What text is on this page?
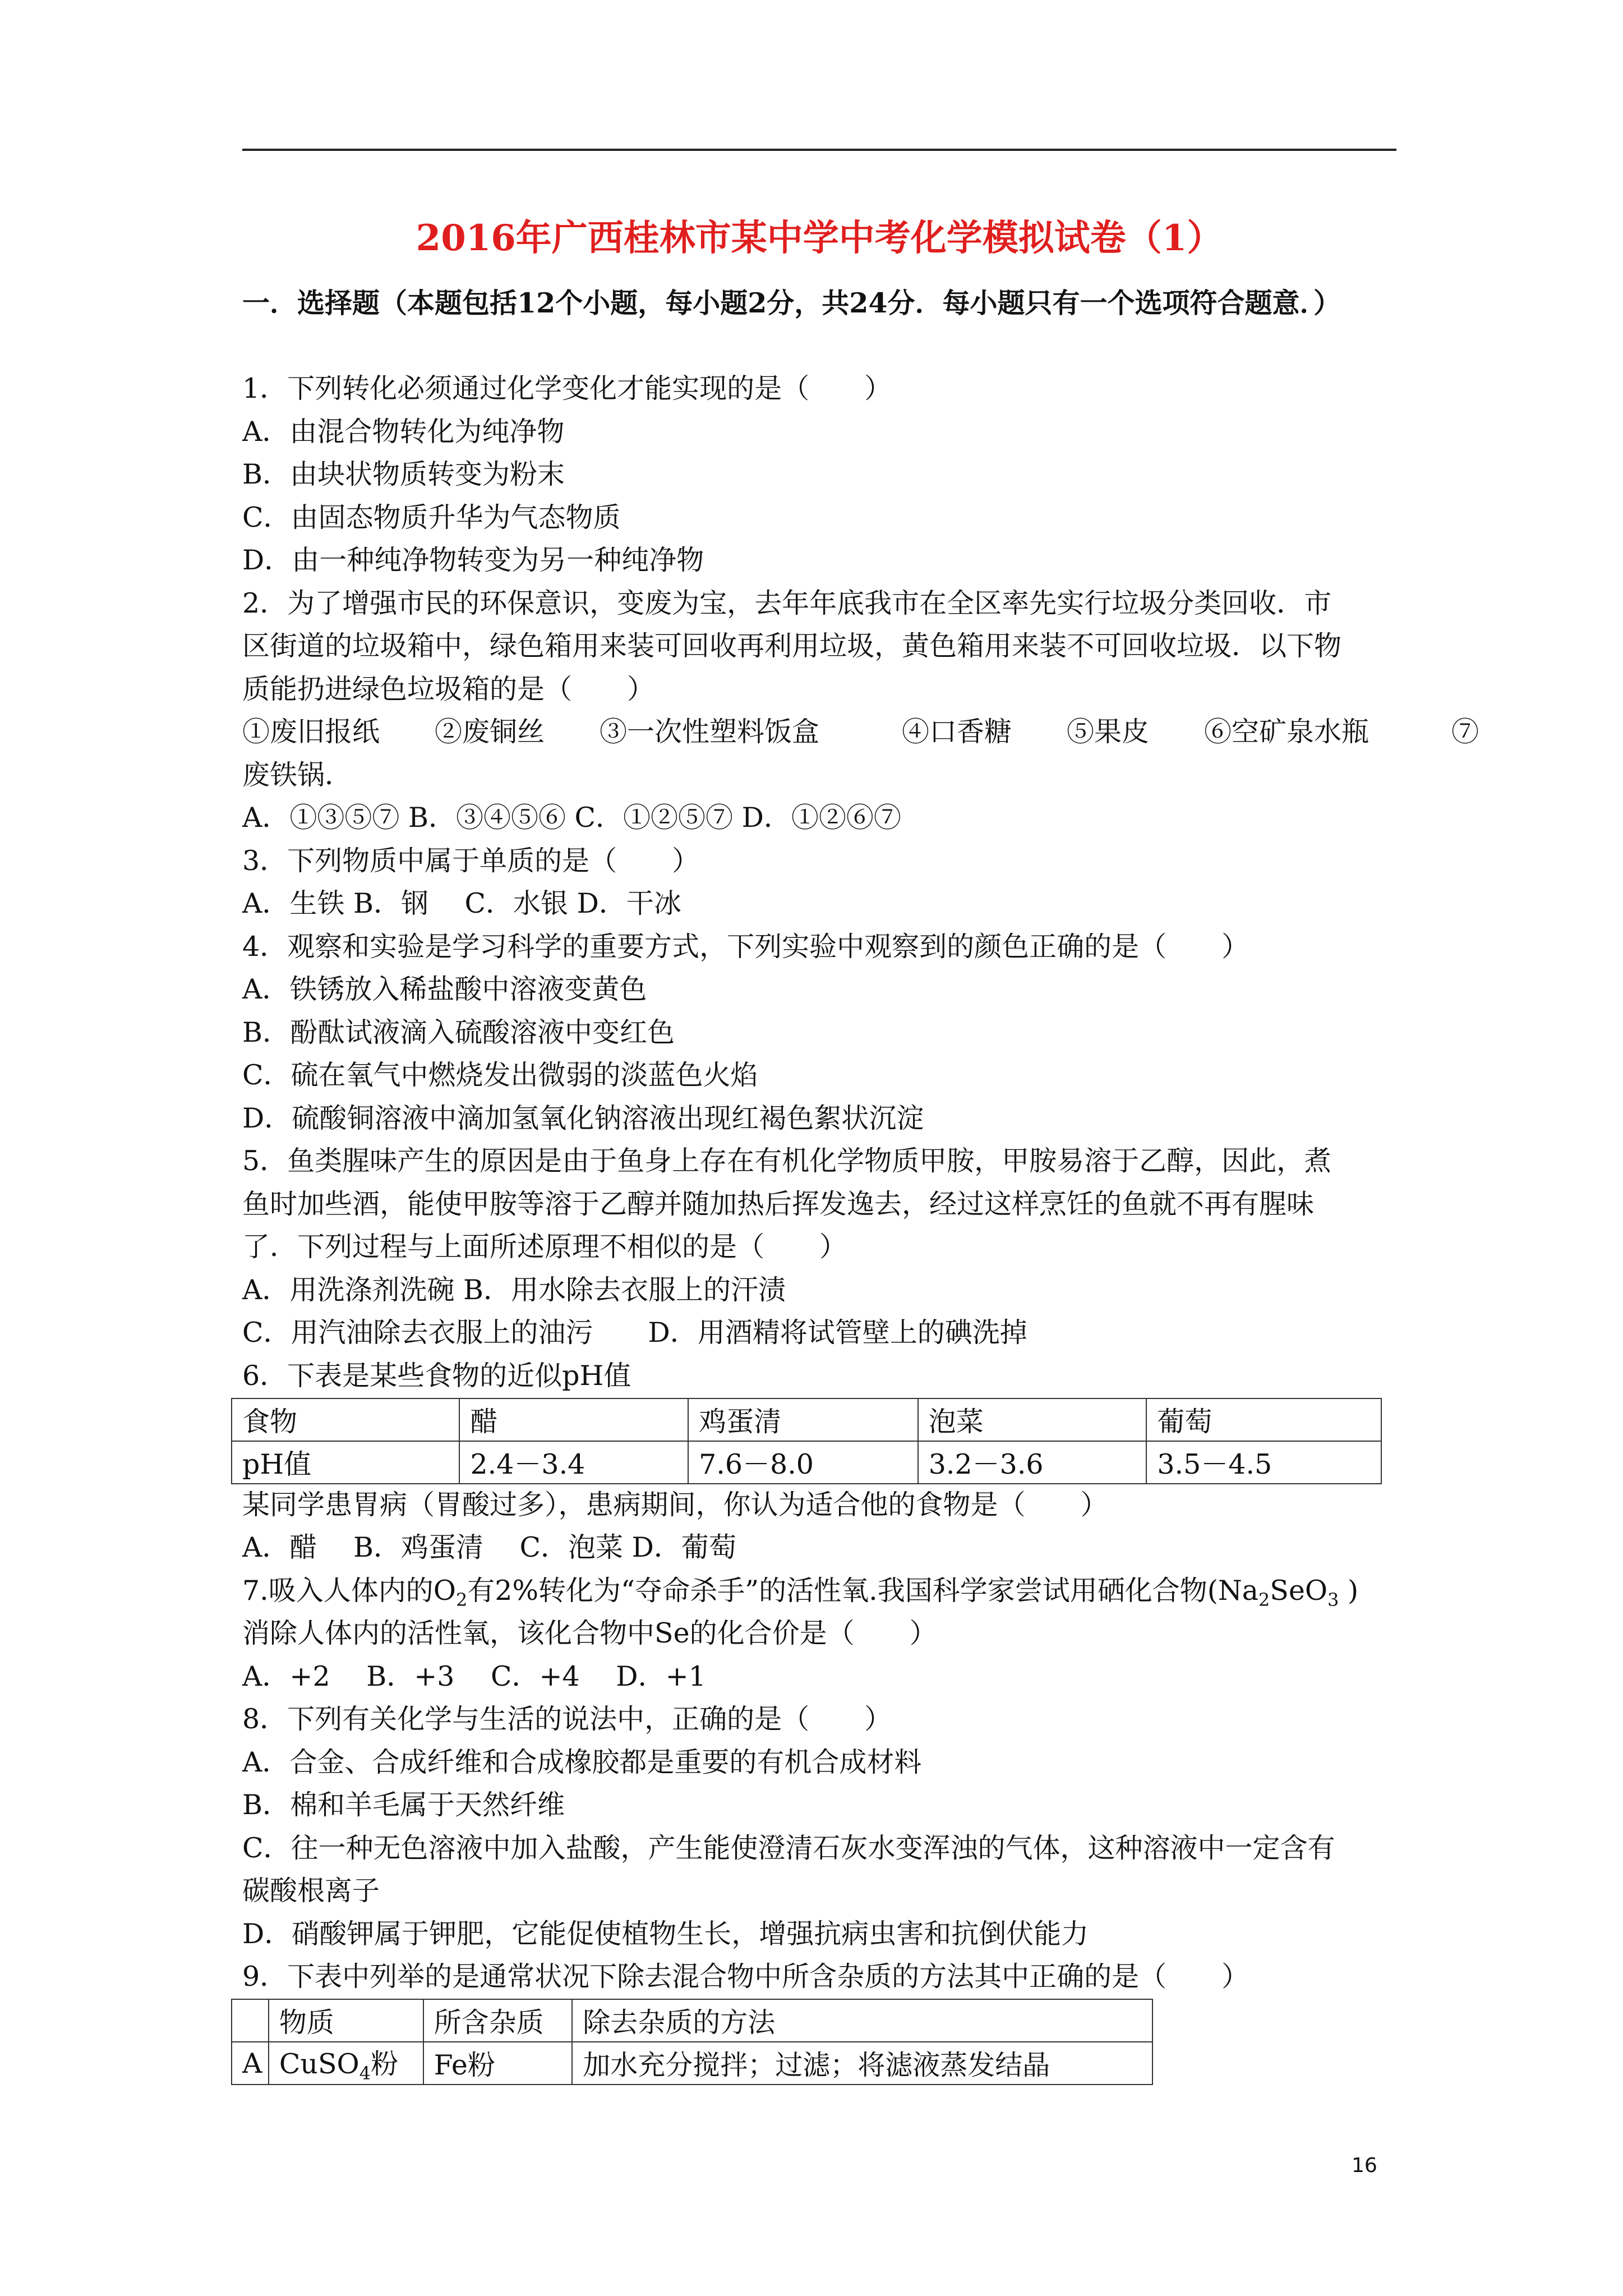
2016年广西桂林市某中学中考化学模拟试卷（1）
一．选择题（本题包括12个小题，每小题2分，共24分．每小题只有一个选项符合题意．）
1．下列转化必须通过化学变化才能实现的是（　　）
A．由混合物转化为纯净物
B．由块状物质转变为粉末
C．由固态物质升华为气态物质
D．由一种纯净物转变为另一种纯净物
2．为了增强市民的环保意识，变废为宝，去年年底我市在全区率先实行垃圾分类回收．市
区街道的垃圾箱中，绿色箱用来装可回收再利用垃圾，黄色箱用来装不可回收垃圾．以下物
质能扔进绿色垃圾箱的是（　　）
①废旧报纸　　②废铜丝　　③一次性塑料饭盒　　　④口香糖　　⑤果皮　　⑥空矿泉水瓶　　　⑦
废铁锅．
A．①③⑤⑦ B．③④⑤⑥ C．①②⑤⑦ D．①②⑥⑦
3．下列物质中属于单质的是（　　）
A．生铁 B．钢　 C．水银 D．干冰
4．观察和实验是学习科学的重要方式，下列实验中观察到的颜色正确的是（　　）
A．铁锈放入稀盐酸中溶液变黄色
B．酚酞试液滴入硫酸溶液中变红色
C．硫在氧气中燃烧发出微弱的淡蓝色火焰
D．硫酸铜溶液中滴加氢氧化钠溶液出现红褐色絮状沉淀
5．鱼类腥味产生的原因是由于鱼身上存在有机化学物质甲胺，甲胺易溶于乙醇，因此，煮
鱼时加些酒，能使甲胺等溶于乙醇并随加热后挥发逸去，经过这样烹饪的鱼就不再有腥味
了．下列过程与上面所述原理不相似的是（　　）
A．用洗涤剂洗碗 B．用水除去衣服上的汗渍
C．用汽油除去衣服上的油污　　D．用酒精将试管壁上的碘洗掉
6．下表是某些食物的近似pH值
食物	醋	鸡蛋清	泡菜	葡萄
pH值	2.4－3.4	7.6－8.0	3.2－3.6	3.5－4.5
某同学患胃病（胃酸过多），患病期间，你认为适合他的食物是（　　）
A．醋　 B．鸡蛋清　 C．泡菜 D．葡萄
7.吸入人体内的$O_2$有2%转化为“夺命杀手”的活性氧.我国科学家尝试用硒化合物($Na_2SeO_3$ )
消除人体内的活性氧，该化合物中Se的化合价是（　　）
A．+2　 B．+3　 C．+4　 D．+1
8．下列有关化学与生活的说法中，正确的是（　　）
A．合金、合成纤维和合成橡胶都是重要的有机合成材料
B．棉和羊毛属于天然纤维
C．往一种无色溶液中加入盐酸，产生能使澄清石灰水变浑浊的气体，这种溶液中一定含有
碳酸根离子
D．硝酸钾属于钾肥，它能促使植物生长，增强抗病虫害和抗倒伏能力
9．下表中列举的是通常状况下除去混合物中所含杂质的方法其中正确的是（　　）
	物质	所含杂质	除去杂质的方法
A	CuSO$_4$粉	Fe粉	加水充分搅拌；过滤；将滤液蒸发结晶
16
